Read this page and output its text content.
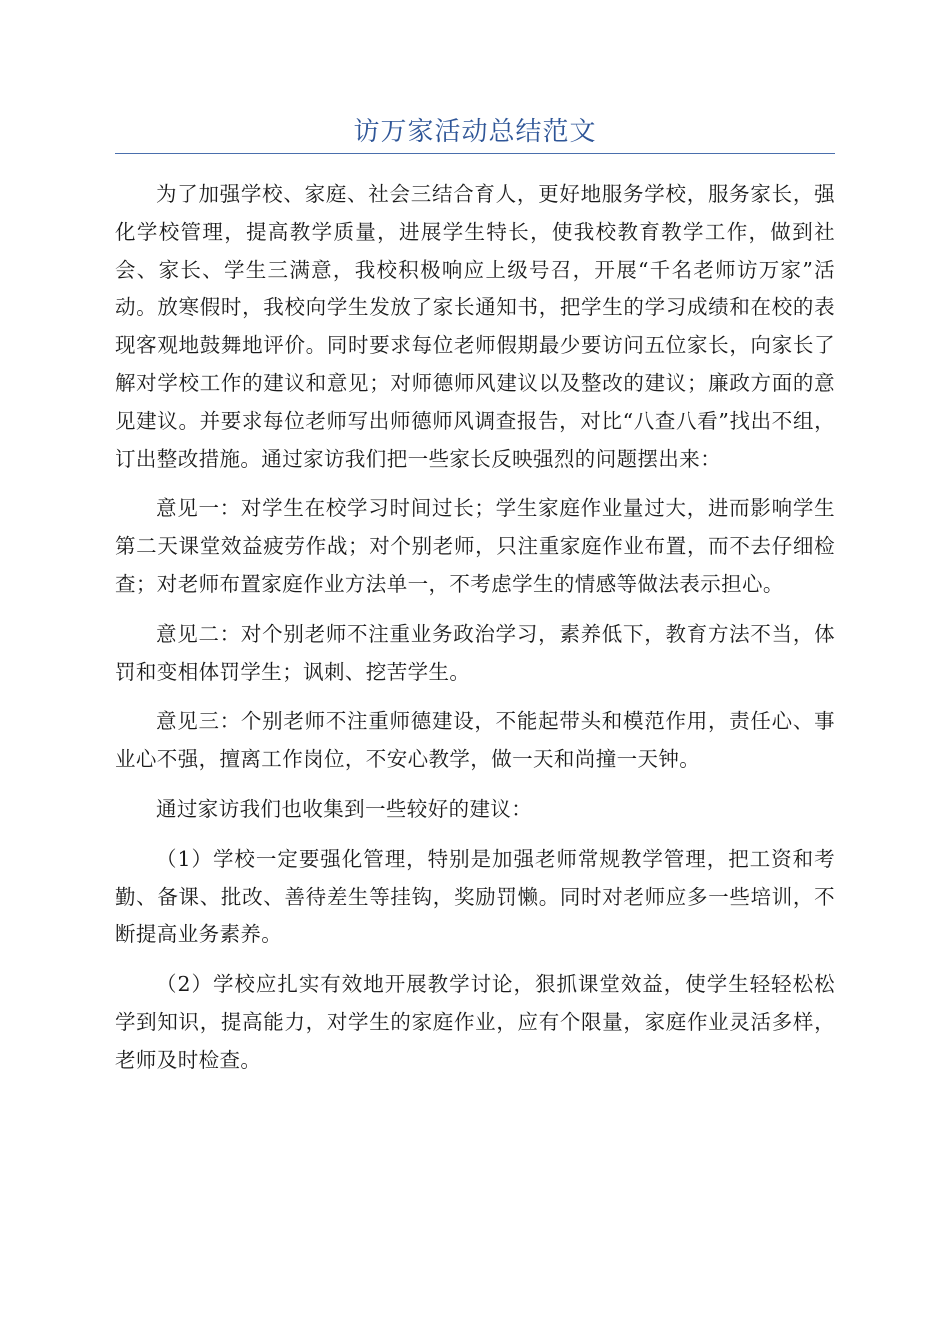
访万家活动总结范文

为了加强学校、家庭、社会三结合育人，更好地服务学校，服务家长，强化学校管理，提高教学质量，进展学生特长，使我校教育教学工作，做到社会、家长、学生三满意，我校积极响应上级号召，开展“千名老师访万家”活动。放寒假时，我校向学生发放了家长通知书，把学生的学习成绩和在校的表现客观地鼓舞地评价。同时要求每位老师假期最少要访问五位家长，向家长了解对学校工作的建议和意见；对师德师风建议以及整改的建议；廉政方面的意见建议。并要求每位老师写出师德师风调查报告，对比“八查八看”找出不组，订出整改措施。通过家访我们把一些家长反映强烈的问题摆出来：

意见一：对学生在校学习时间过长；学生家庭作业量过大，进而影响学生第二天课堂效益疲劳作战；对个别老师，只注重家庭作业布置，而不去仔细检查；对老师布置家庭作业方法单一，不考虑学生的情感等做法表示担心。

意见二：对个别老师不注重业务政治学习，素养低下，教育方法不当，体罚和变相体罚学生；讽刺、挖苦学生。

意见三：个别老师不注重师德建设，不能起带头和模范作用，责任心、事业心不强，擅离工作岗位，不安心教学，做一天和尚撞一天钟。

通过家访我们也收集到一些较好的建议：

（1）学校一定要强化管理，特别是加强老师常规教学管理，把工资和考勤、备课、批改、善待差生等挂钩，奖励罚懒。同时对老师应多一些培训，不断提高业务素养。

（2）学校应扎实有效地开展教学讨论，狠抓课堂效益，使学生轻轻松松学到知识，提高能力，对学生的家庭作业，应有个限量，家庭作业灵活多样，老师及时检查。
